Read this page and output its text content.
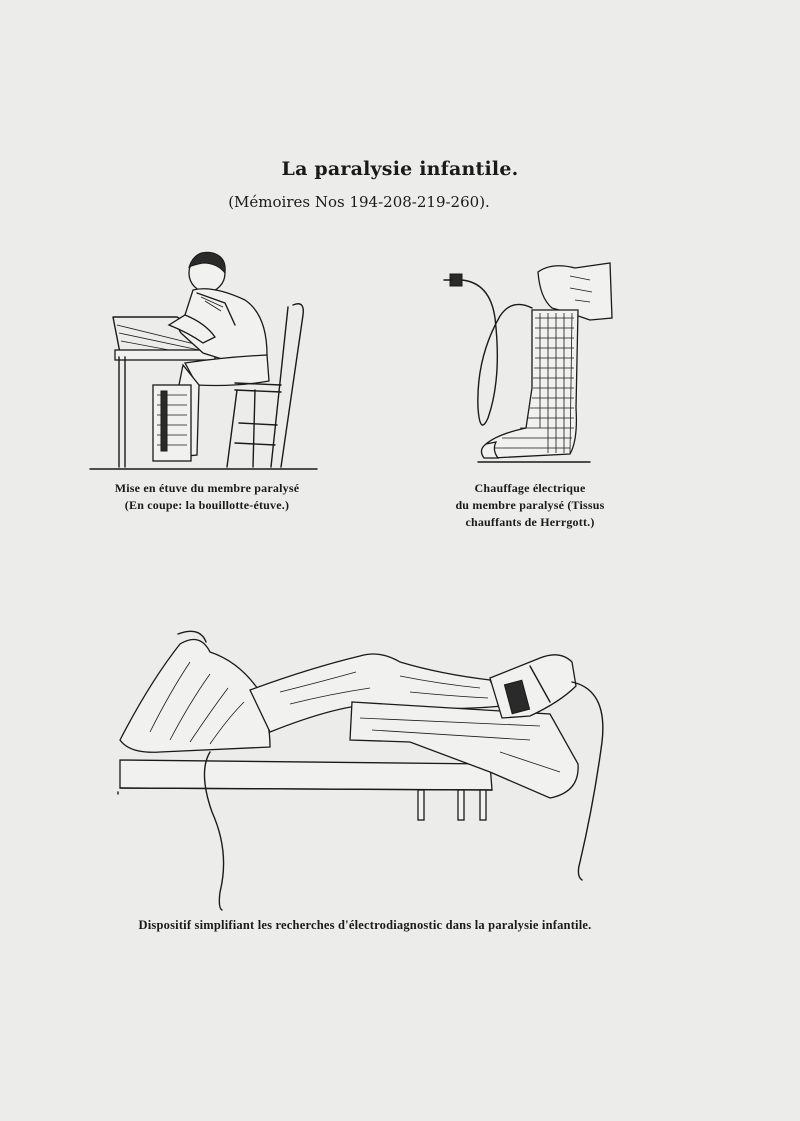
La paralysie infantile.
(Mémoires Nos 194-208-219-260).
Mise en étuve du membre paralysé
(En coupe: la bouillotte-étuve.)
Chauffage électrique
du membre paralysé (Tissus
chauffants de Herrgott.)
Dispositif simplifiant les recherches d'électrodiagnostic dans la paralysie infantile.
